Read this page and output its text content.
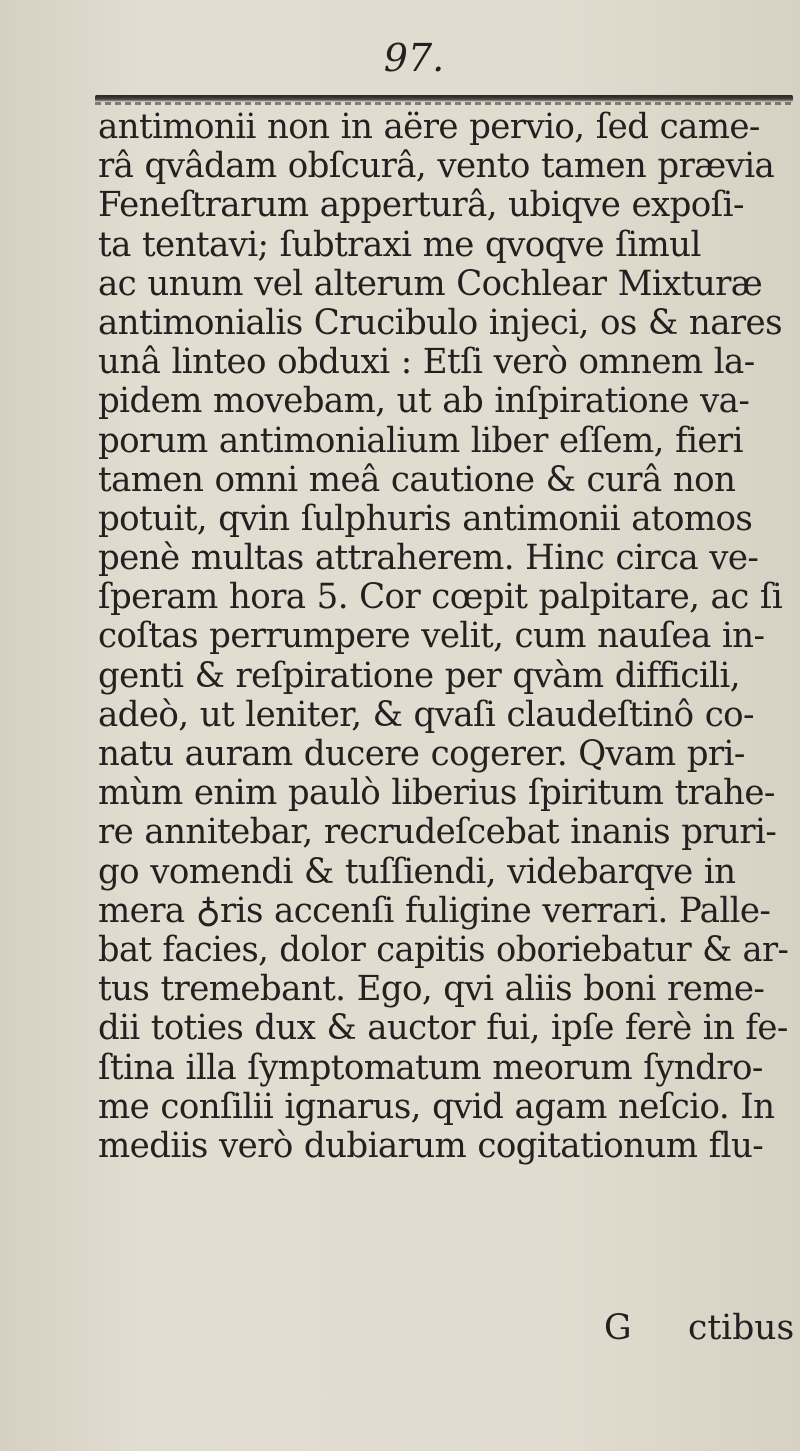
97.
antimonii non in aëre pervio, ſed came-
râ qvâdam obſcurâ, vento tamen prævia
Feneſtrarum apperturâ, ubiqve expoſi-
ta tentavi; ſubtraxi me qvoqve ſimul
ac unum vel alterum Cochlear Mixturæ
antimonialis Crucibulo injeci, os & nares
unâ linteo obduxi : Etſi verò omnem la-
pidem movebam, ut ab inſpiratione va-
porum antimonialium liber eſſem, fieri
tamen omni meâ cautione & curâ non
potuit, qvin ſulphuris antimonii atomos
penè multas attraherem. Hinc circa ve-
ſperam hora 5. Cor cœpit palpitare, ac ſi
coſtas perrumpere velit, cum nauſea in-
genti & reſpiratione per qvàm difficili,
adeò, ut leniter, & qvaſi claudeſtinô co-
natu auram ducere cogerer. Qvam pri-
mùm enim paulò liberius ſpiritum trahe-
re annitebar, recrudeſcebat inanis pruri-
go vomendi & tuſſiendi, videbarqve in
mera ♁ris accenſi fuligine verrari. Palle-
bat facies, dolor capitis oboriebatur & ar-
tus tremebant. Ego, qvi aliis boni reme-
dii toties dux & auctor fui, ipſe ferè in fe-
ſtina illa ſymptomatum meorum ſyndro-
me conſilii ignarus, qvid agam neſcio. In
mediis verò dubiarum cogitationum flu-
G ctibus
